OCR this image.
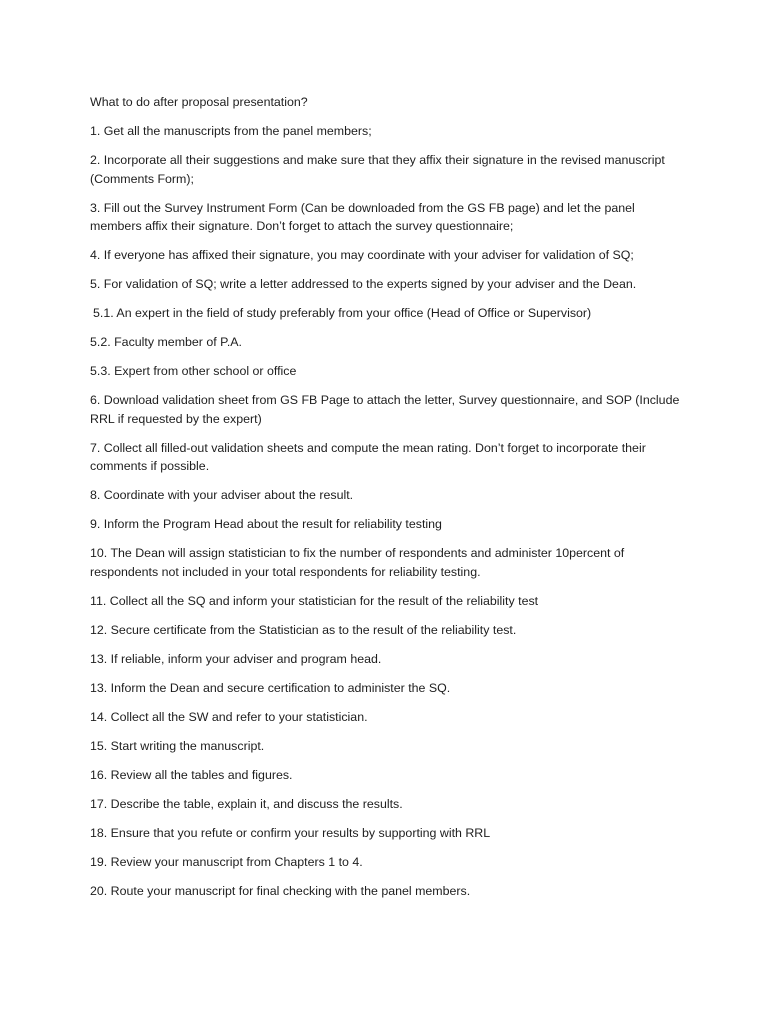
What to do after proposal presentation?

1. Get all the manuscripts from the panel members;

2. Incorporate all their suggestions and make sure that they affix their signature in the revised manuscript (Comments Form);

3. Fill out the Survey Instrument Form (Can be downloaded from the GS FB page) and let the panel members affix their signature. Don’t forget to attach the survey questionnaire;

4. If everyone has affixed their signature, you may coordinate with your adviser for validation of SQ;

5. For validation of SQ; write a letter addressed to the experts signed by your adviser and the Dean.

5.1. An expert in the field of study preferably from your office (Head of Office or Supervisor)

5.2. Faculty member of P.A.

5.3. Expert from other school or office

6. Download validation sheet from GS FB Page to attach the letter, Survey questionnaire, and SOP (Include RRL if requested by the expert)

7. Collect all filled-out validation sheets and compute the mean rating. Don’t forget to incorporate their comments if possible.

8. Coordinate with your adviser about the result.

9. Inform the Program Head about the result for reliability testing

10. The Dean will assign statistician to fix the number of respondents and administer 10percent of respondents not included in your total respondents for reliability testing.

11. Collect all the SQ and inform your statistician for the result of the reliability test

12. Secure certificate from the Statistician as to the result of the reliability test.

13. If reliable, inform your adviser and program head.

13. Inform the Dean and secure certification to administer the SQ.

14. Collect all the SW and refer to your statistician.

15. Start writing the manuscript.

16. Review all the tables and figures.

17. Describe the table, explain it, and discuss the results.

18. Ensure that you refute or confirm your results by supporting with RRL

19. Review your manuscript from Chapters 1 to 4.

20. Route your manuscript for final checking with the panel members.
